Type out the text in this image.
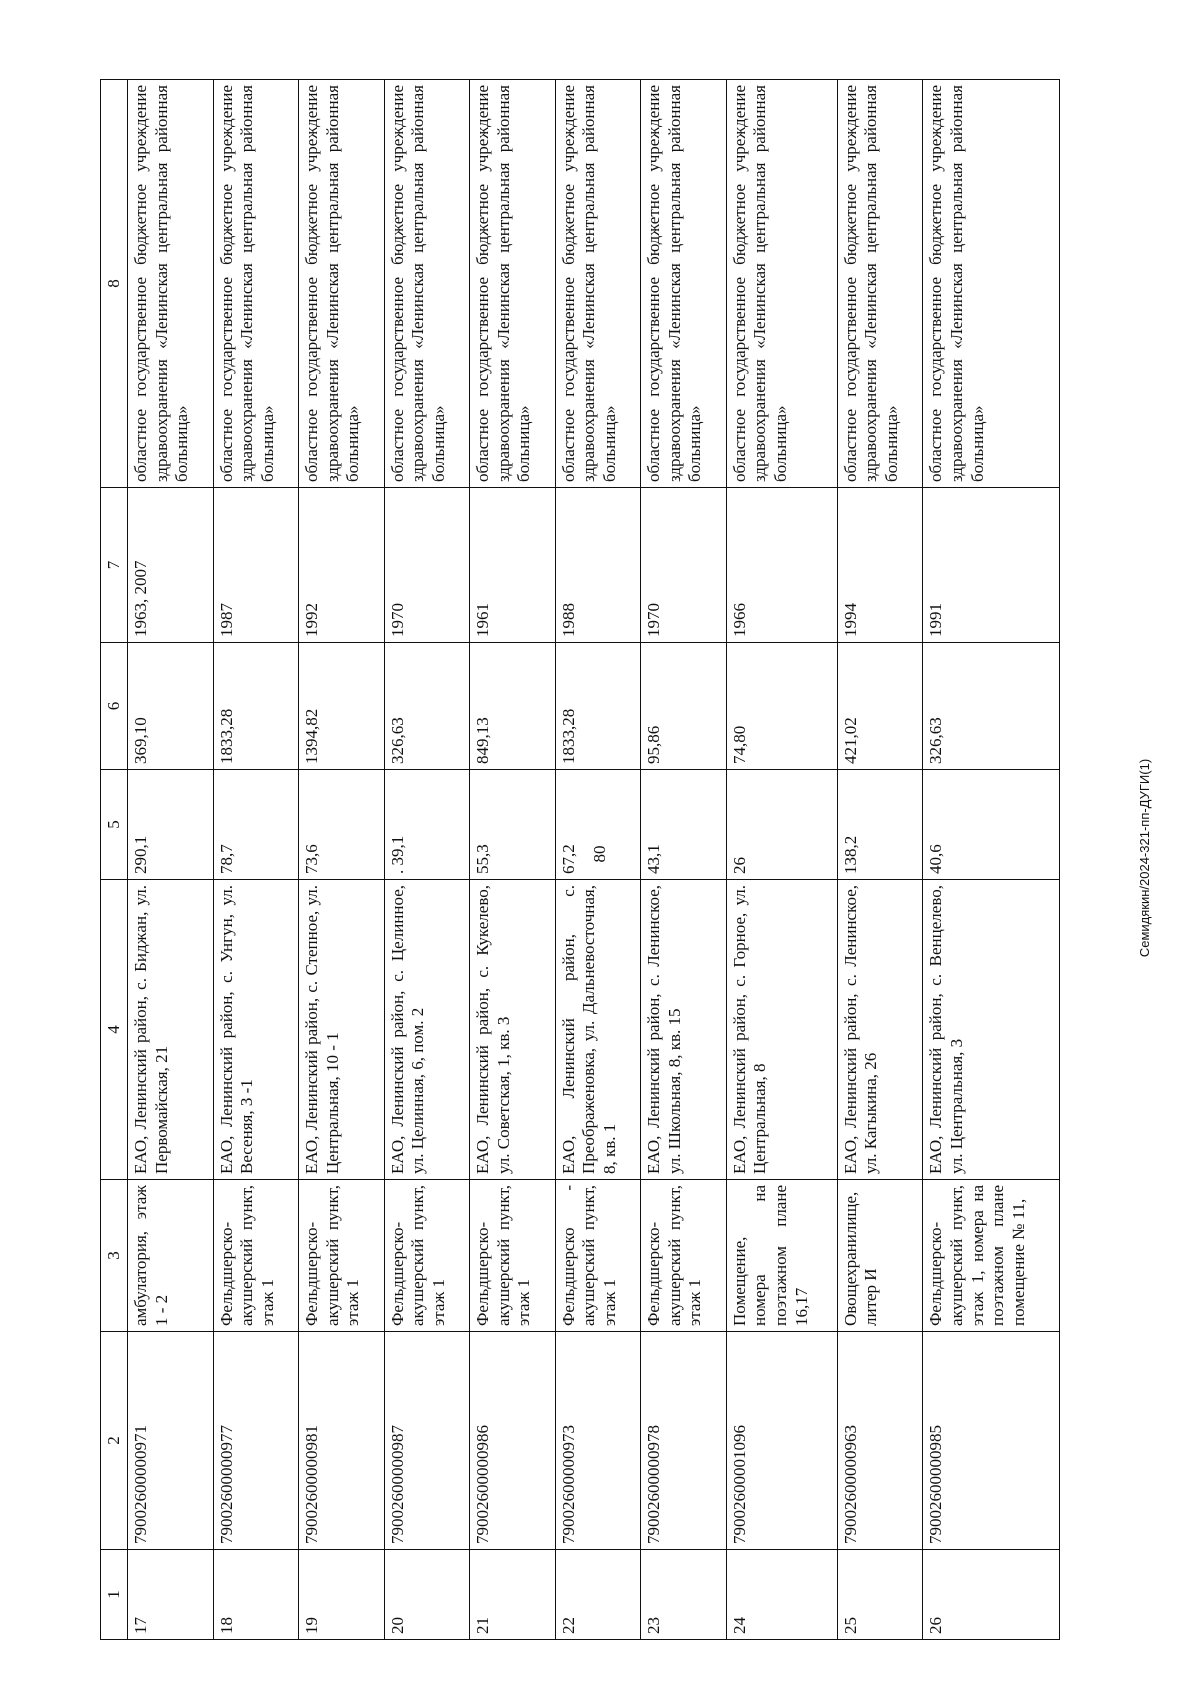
80
1	2	3	4	5	6	7	8
17	79002600000971	амбулатория, этаж 1 - 2	ЕАО, Ленинский район, с. Биджан, ул. Первомайская, 21	290,1	369,10	1963, 2007	областное государственное бюджетное учреждение здравоохранения «Ленинская центральная районная больница»
18	79002600000977	Фельдшерско-акушерский пункт, этаж 1	ЕАО, Ленинский район, с. Унгун, ул. Весеняя, 3 -1	78,7	1833,28	1987	областное государственное бюджетное учреждение здравоохранения «Ленинская центральная районная больница»
19	79002600000981	Фельдшерско-акушерский пункт, этаж 1	ЕАО, Ленинский район, с. Степное, ул. Центральная, 10 - 1	73,6	1394,82	1992	областное государственное бюджетное учреждение здравоохранения «Ленинская центральная районная больница»
20	79002600000987	Фельдшерско-акушерский пункт, этаж 1	ЕАО, Ленинский район, с. Целинное, ул. Целинная, 6, пом. 2	. 39,1	326,63	1970	областное государственное бюджетное учреждение здравоохранения «Ленинская центральная районная больница»
21	79002600000986	Фельдшерско-акушерский пункт, этаж 1	ЕАО, Ленинский район, с. Кукелево, ул. Советская, 1, кв. 3	55,3	849,13	1961	областное государственное бюджетное учреждение здравоохранения «Ленинская центральная районная больница»
22	79002600000973	Фельдшерско - акушерский пункт, этаж 1	ЕАО, Ленинский район, с. Преображеновка, ул. Дальневосточная, 8, кв. 1	67,2	1833,28	1988	областное государственное бюджетное учреждение здравоохранения «Ленинская центральная районная больница»
23	79002600000978	Фельдшерско-акушерский пункт, этаж 1	ЕАО, Ленинский район, с. Ленинское, ул. Школьная, 8, кв. 15	43,1	95,86	1970	областное государственное бюджетное учреждение здравоохранения «Ленинская центральная районная больница»
24	79002600001096	Помещение, номера на поэтажном плане 16,17	ЕАО, Ленинский район, с. Горное, ул. Центральная, 8	26	74,80	1966	областное государственное бюджетное учреждение здравоохранения «Ленинская центральная районная больница»
25	79002600000963	Овощехранилище, литер И	ЕАО, Ленинский район, с. Ленинское, ул. Кагыкина, 26	138,2	421,02	1994	областное государственное бюджетное учреждение здравоохранения «Ленинская центральная районная больница»
26	79002600000985	Фельдшерско-акушерский пункт, этаж 1, номера на поэтажном плане помещение № 11,	ЕАО, Ленинский район, с. Венцелево, ул. Центральная, 3	40,6	326,63	1991	областное государственное бюджетное учреждение здравоохранения «Ленинская центральная районная больница»
Семидякин/2024-321-пп-ДУГИ(1)
